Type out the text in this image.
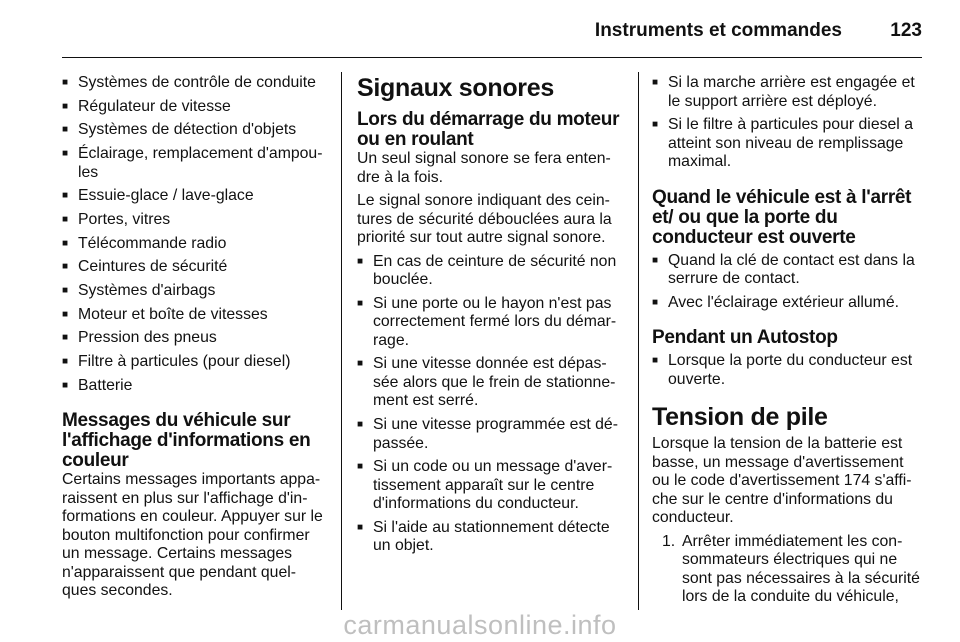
Instruments et commandes	123
■ Systèmes de contrôle de conduite
■ Régulateur de vitesse
■ Systèmes de détection d'objets
■ Éclairage, remplacement d'ampou-les
■ Essuie-glace / lave-glace
■ Portes, vitres
■ Télécommande radio
■ Ceintures de sécurité
■ Systèmes d'airbags
■ Moteur et boîte de vitesses
■ Pression des pneus
■ Filtre à particules (pour diesel)
■ Batterie
Messages du véhicule sur l'affichage d'informations en couleur

Certains messages importants appa-raissent en plus sur l'affichage d'in-formations en couleur. Appuyer sur le bouton multifonction pour confirmer un message. Certains messages n'apparaissent que pendant quel-ques secondes.

Signaux sonores
Lors du démarrage du moteur ou en roulant

Un seul signal sonore se fera enten-dre à la fois.

Le signal sonore indiquant des cein-tures de sécurité débouclées aura la priorité sur tout autre signal sonore.

■ En cas de ceinture de sécurité non bouclée.
■ Si une porte ou le hayon n'est pas correctement fermé lors du démar-rage.
■ Si une vitesse donnée est dépas-sée alors que le frein de stationne-ment est serré.
■ Si une vitesse programmée est dé-passée.
■ Si un code ou un message d'aver-tissement apparaît sur le centre d'informations du conducteur.
■ Si l'aide au stationnement détecte un objet.
■ Si la marche arrière est engagée et le support arrière est déployé.
■ Si le filtre à particules pour diesel a atteint son niveau de remplissage maximal.
Quand le véhicule est à l'arrêt et/ ou que la porte du conducteur est ouverte
■ Quand la clé de contact est dans la serrure de contact.
■ Avec l'éclairage extérieur allumé.
Pendant un Autostop
■ Lorsque la porte du conducteur est ouverte.
Tension de pile

Lorsque la tension de la batterie est basse, un message d'avertissement ou le code d'avertissement 174 s'affi-che sur le centre d'informations du conducteur.

1. Arrêter immédiatement les con-sommateurs électriques qui ne sont pas nécessaires à la sécurité lors de la conduite du véhicule,
carmanualsonline.info
